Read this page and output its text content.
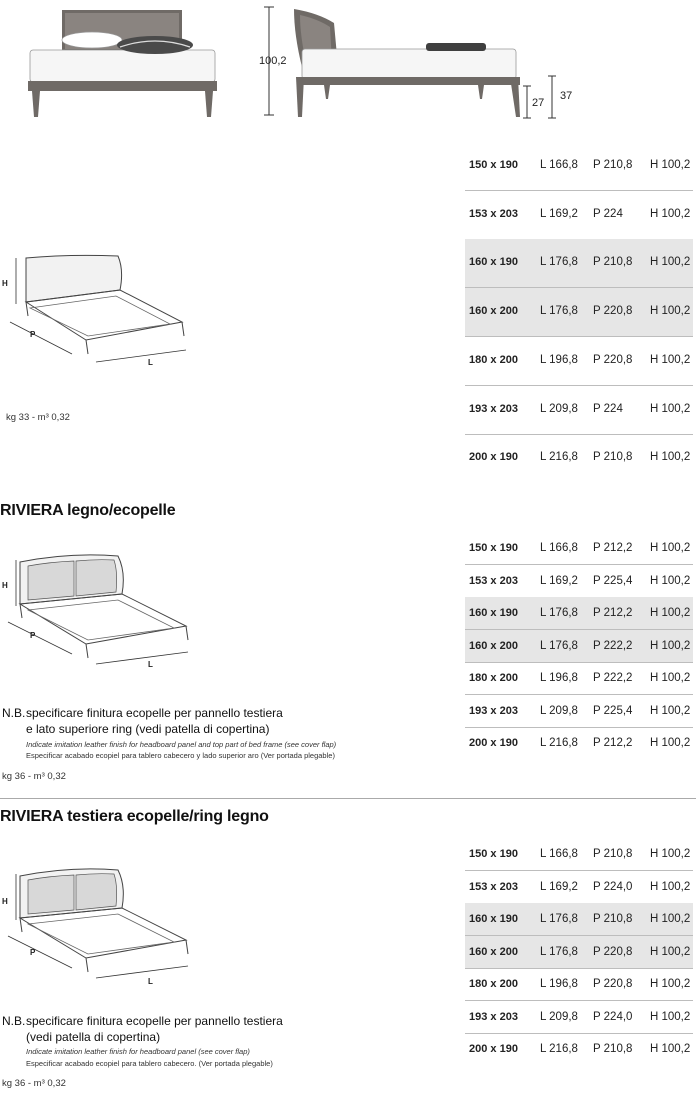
100,2
27
37
H
P
L
kg 33 - m³ 0,32
150 x 190 L 166,8 P 210,8 H 100,2
153 x 203 L 169,2 P 224 H 100,2
160 x 190 L 176,8 P 210,8 H 100,2
160 x 200 L 176,8 P 220,8 H 100,2
180 x 200 L 196,8 P 220,8 H 100,2
193 x 203 L 209,8 P 224 H 100,2
200 x 190 L 216,8 P 210,8 H 100,2
RIVIERA legno/ecopelle
H
P
L
N.B. specificare finitura ecopelle per pannello testiera
e lato superiore ring (vedi patella di copertina)
Indicate imitation leather finish for headboard panel and top part of bed frame (see cover flap)
Especificar acabado ecopiel para tablero cabecero y lado superior aro (Ver portada plegable)
kg 36 - m³ 0,32
150 x 190 L 166,8 P 212,2 H 100,2
153 x 203 L 169,2 P 225,4 H 100,2
160 x 190 L 176,8 P 212,2 H 100,2
160 x 200 L 176,8 P 222,2 H 100,2
180 x 200 L 196,8 P 222,2 H 100,2
193 x 203 L 209,8 P 225,4 H 100,2
200 x 190 L 216,8 P 212,2 H 100,2
RIVIERA testiera ecopelle/ring legno
H
P
L
N.B. specificare finitura ecopelle per pannello testiera
(vedi patella di copertina)
Indicate imitation leather finish for headboard panel (see cover flap)
Especificar acabado ecopiel para tablero cabecero. (Ver portada plegable)
kg 36 - m³ 0,32
150 x 190 L 166,8 P 210,8 H 100,2
153 x 203 L 169,2 P 224,0 H 100,2
160 x 190 L 176,8 P 210,8 H 100,2
160 x 200 L 176,8 P 220,8 H 100,2
180 x 200 L 196,8 P 220,8 H 100,2
193 x 203 L 209,8 P 224,0 H 100,2
200 x 190 L 216,8 P 210,8 H 100,2
